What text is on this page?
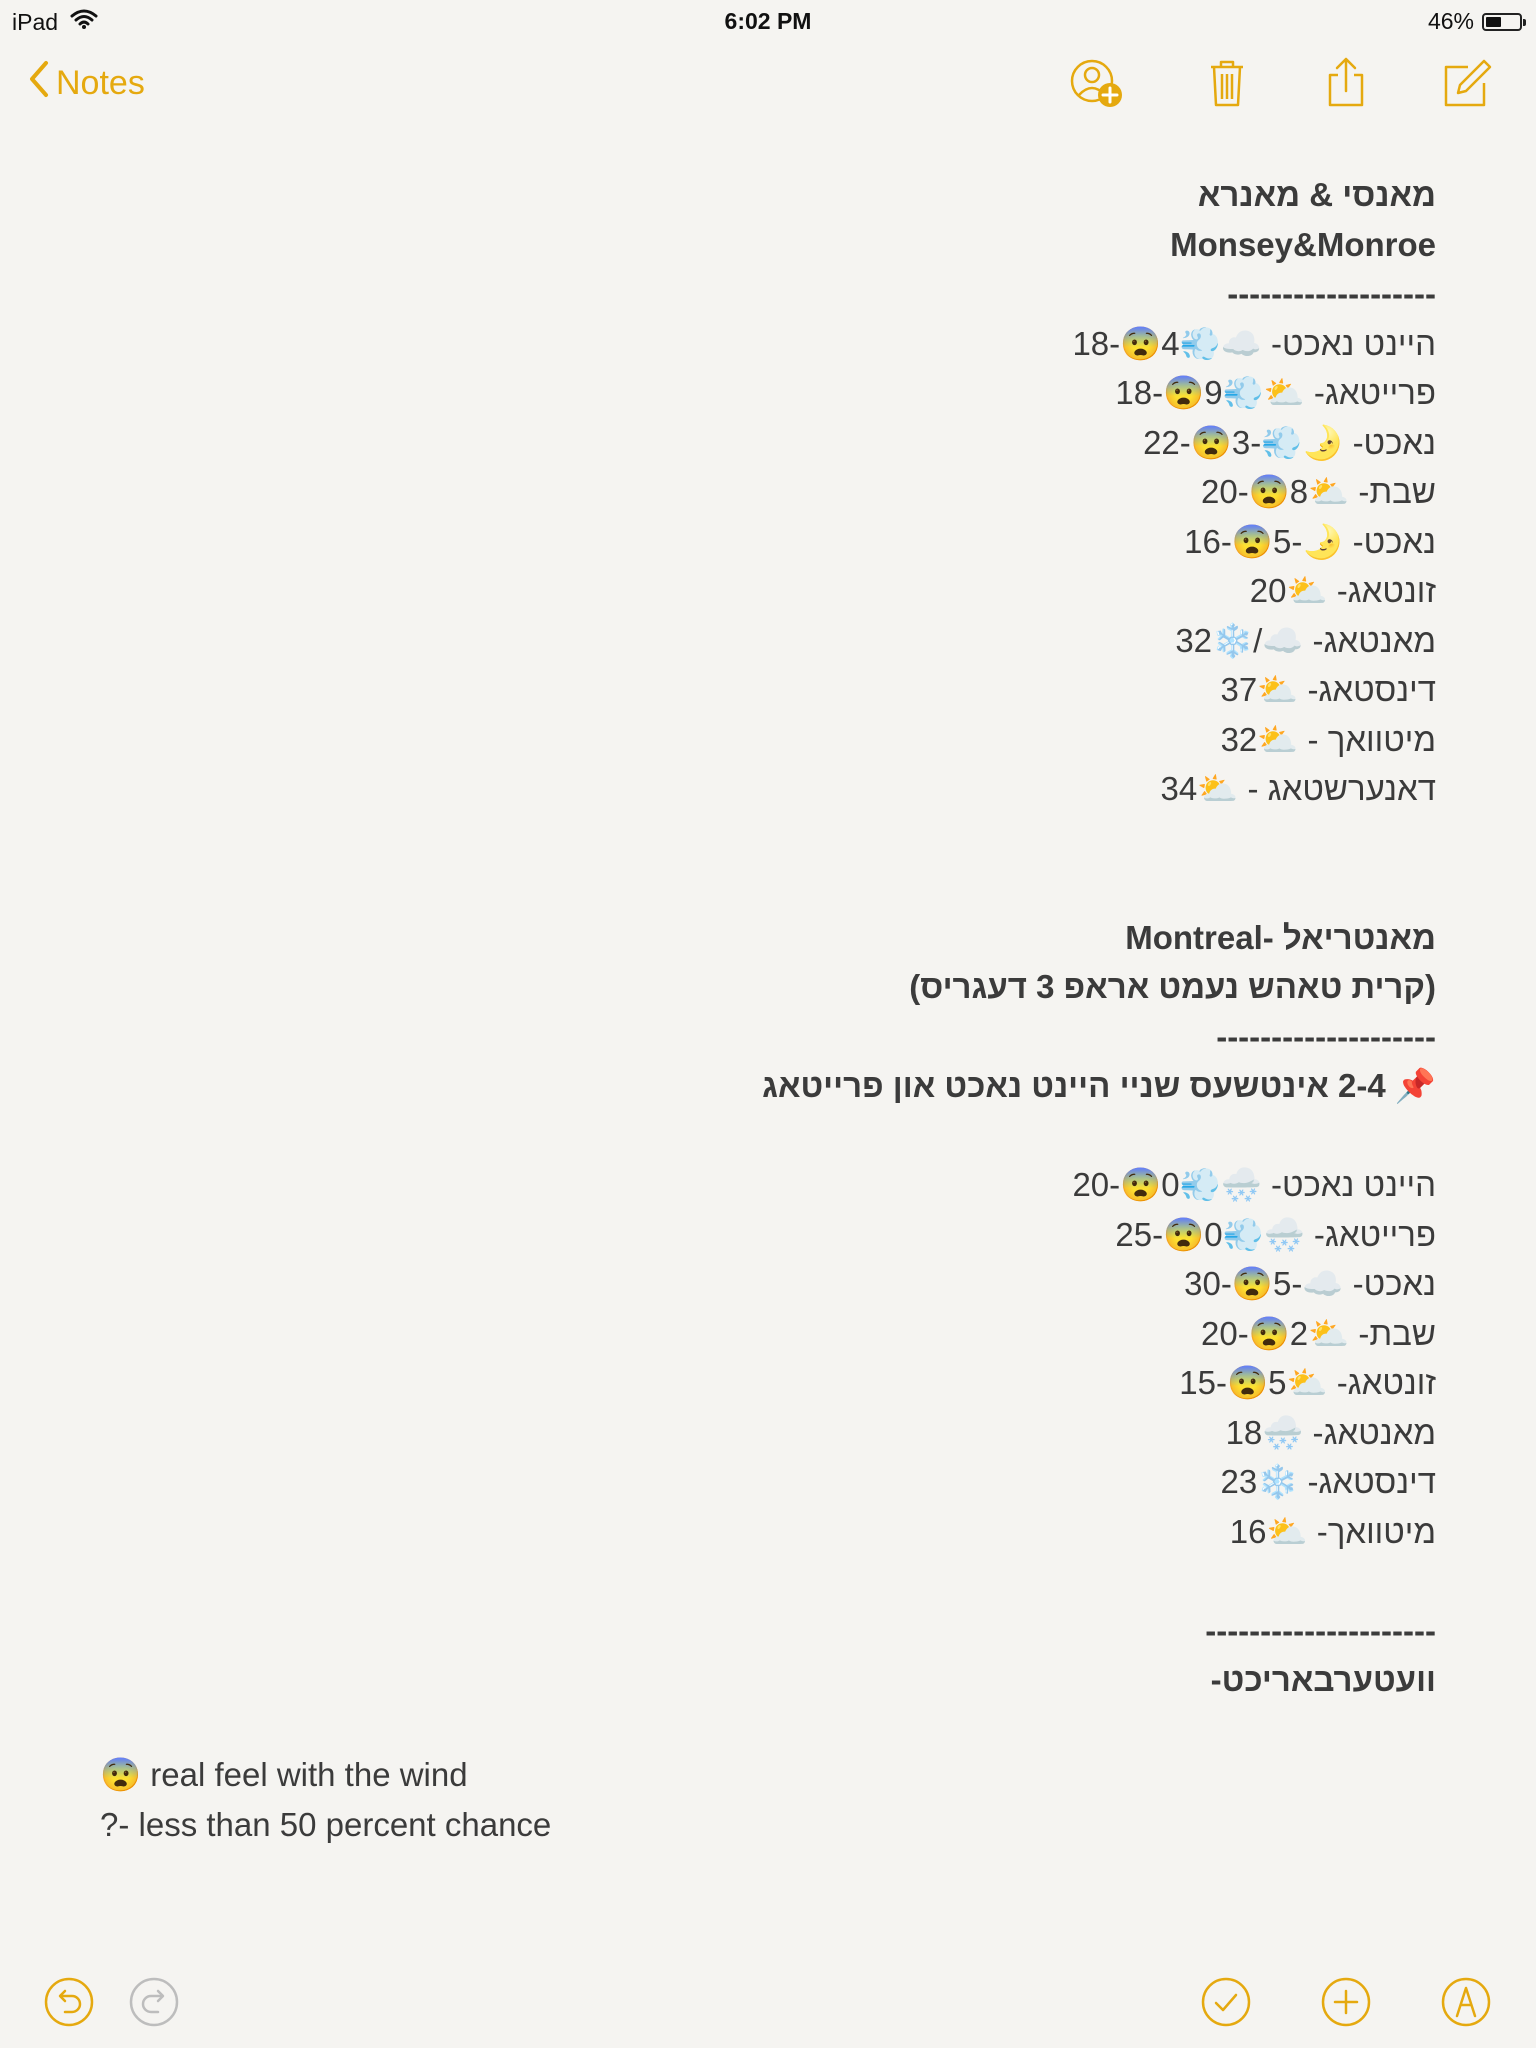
iPad	6:02 PM	46%
Notes
מאנסי & מאנרא
Monsey&Monroe
-------------------
היינט נאכט- ☁️💨4😨-18
פרייטאג- ⛅💨9😨-18
נאכט- 🌛💨-3😨-22
שבת- ⛅8😨-20
נאכט- 🌛-5😨-16
זונטאג- ⛅20
מאנטאג- ☁️/❄️32
דינסטאג- ⛅37
מיטוואך - ⛅32
דאנערשטאג - ⛅34
מאנטריאל -Montreal
(קרית טאהש נעמט אראפ 3 דעגריס)
--------------------
📌 2-4 אינטשעס שניי היינט נאכט און פרייטאג
היינט נאכט- 🌨️💨0😨-20
פרייטאג- 🌨️💨0😨-25
נאכט- ☁️-5😨-30
שבת- ⛅2😨-20
זונטאג- ⛅5😨-15
מאנטאג- 🌨️18
דינסטאג- ❄️23
מיטוואך- ⛅16
---------------------
וועטערבאריכט-
😨 real feel with the wind
?- less than 50 percent chance
